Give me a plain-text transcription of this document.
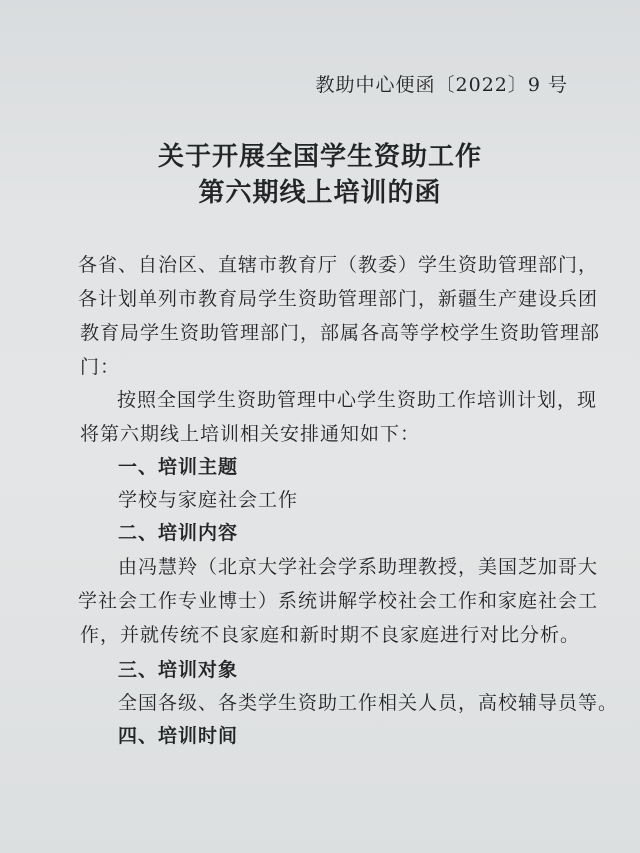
教助中心便函〔2022〕9 号
关于开展全国学生资助工作
第六期线上培训的函
各省、自治区、直辖市教育厅（教委）学生资助管理部门，
各计划单列市教育局学生资助管理部门，新疆生产建设兵团
教育局学生资助管理部门，部属各高等学校学生资助管理部
门：
按照全国学生资助管理中心学生资助工作培训计划，现
将第六期线上培训相关安排通知如下：
一、培训主题
学校与家庭社会工作
二、培训内容
由冯慧羚（北京大学社会学系助理教授，美国芝加哥大
学社会工作专业博士）系统讲解学校社会工作和家庭社会工
作，并就传统不良家庭和新时期不良家庭进行对比分析。
三、培训对象
全国各级、各类学生资助工作相关人员，高校辅导员等。
四、培训时间
